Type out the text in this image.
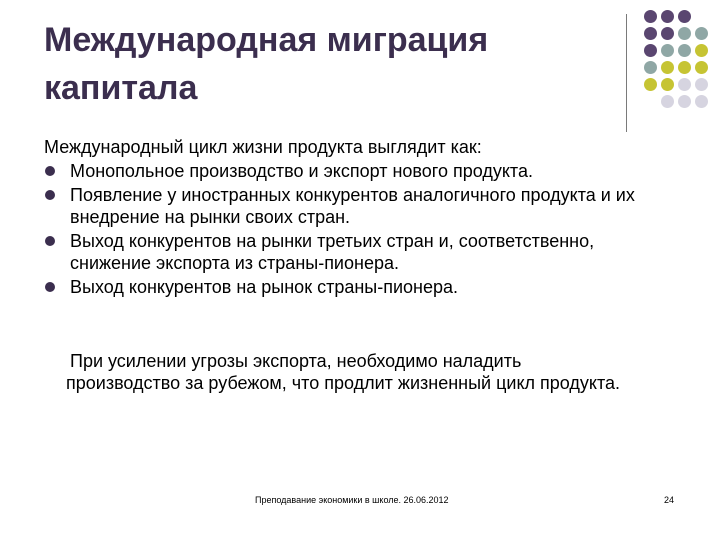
Международная миграция капитала

Международный цикл жизни продукта выглядит как:

Монопольное производство и экспорт нового продукта.
Появление у иностранных конкурентов аналогичного продукта и их внедрение на рынки своих стран.
Выход конкурентов на рынки третьих стран и, соответственно, снижение экспорта из страны-пионера.
Выход конкурентов на рынок страны-пионера.

При усилении угрозы экспорта, необходимо наладить производство за рубежом, что продлит жизненный цикл продукта.

Преподавание экономики в школе. 26.06.2012	24
